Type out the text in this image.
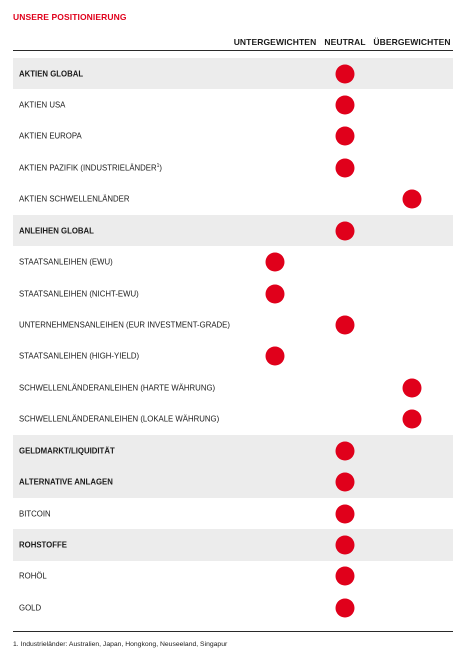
UNSERE POSITIONIERUNG
UNTERGEWICHTEN NEUTRAL ÜBERGEWICHTEN
AKTIEN GLOBAL
AKTIEN USA
AKTIEN EUROPA
AKTIEN PAZIFIK (INDUSTRIELÄNDER$^1$)
AKTIEN SCHWELLENLÄNDER
ANLEIHEN GLOBAL
STAATSANLEIHEN (EWU)
STAATSANLEIHEN (NICHT-EWU)
UNTERNEHMENSANLEIHEN (EUR INVESTMENT-GRADE)
STAATSANLEIHEN (HIGH-YIELD)
SCHWELLENLÄNDERANLEIHEN (HARTE WÄHRUNG)
SCHWELLENLÄNDERANLEIHEN (LOKALE WÄHRUNG)
GELDMARKT/LIQUIDITÄT
ALTERNATIVE ANLAGEN
BITCOIN
ROHSTOFFE
ROHÖL
GOLD
1. Industrieländer: Australien, Japan, Hongkong, Neuseeland, Singapur
